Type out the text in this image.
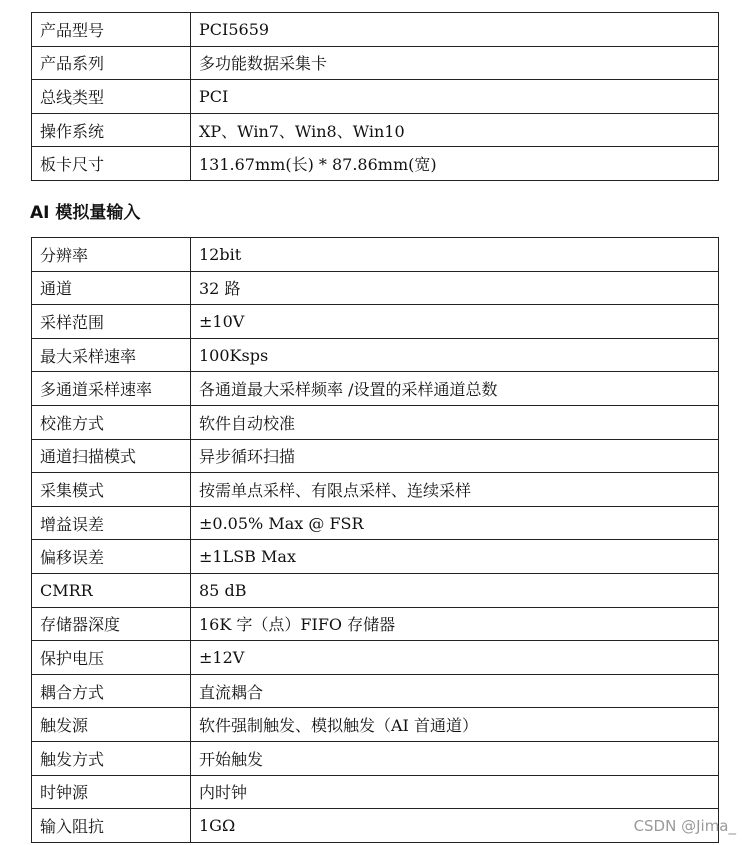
产品型号	PCI5659
产品系列	多功能数据采集卡
总线类型	PCI
操作系统	XP、Win7、Win8、Win10
板卡尺寸	131.67mm(长) * 87.86mm(宽)
AI 模拟量输入
分辨率	12bit
通道	32 路
采样范围	±10V
最大采样速率	100Ksps
多通道采样速率	各通道最大采样频率 /设置的采样通道总数
校准方式	软件自动校准
通道扫描模式	异步循环扫描
采集模式	按需单点采样、有限点采样、连续采样
增益误差	±0.05% Max @ FSR
偏移误差	±1LSB Max
CMRR	85 dB
存储器深度	16K 字（点）FIFO 存储器
保护电压	±12V
耦合方式	直流耦合
触发源	软件强制触发、模拟触发（AI 首通道）
触发方式	开始触发
时钟源	内时钟
输入阻抗	1GΩ	CSDN @Jima_
